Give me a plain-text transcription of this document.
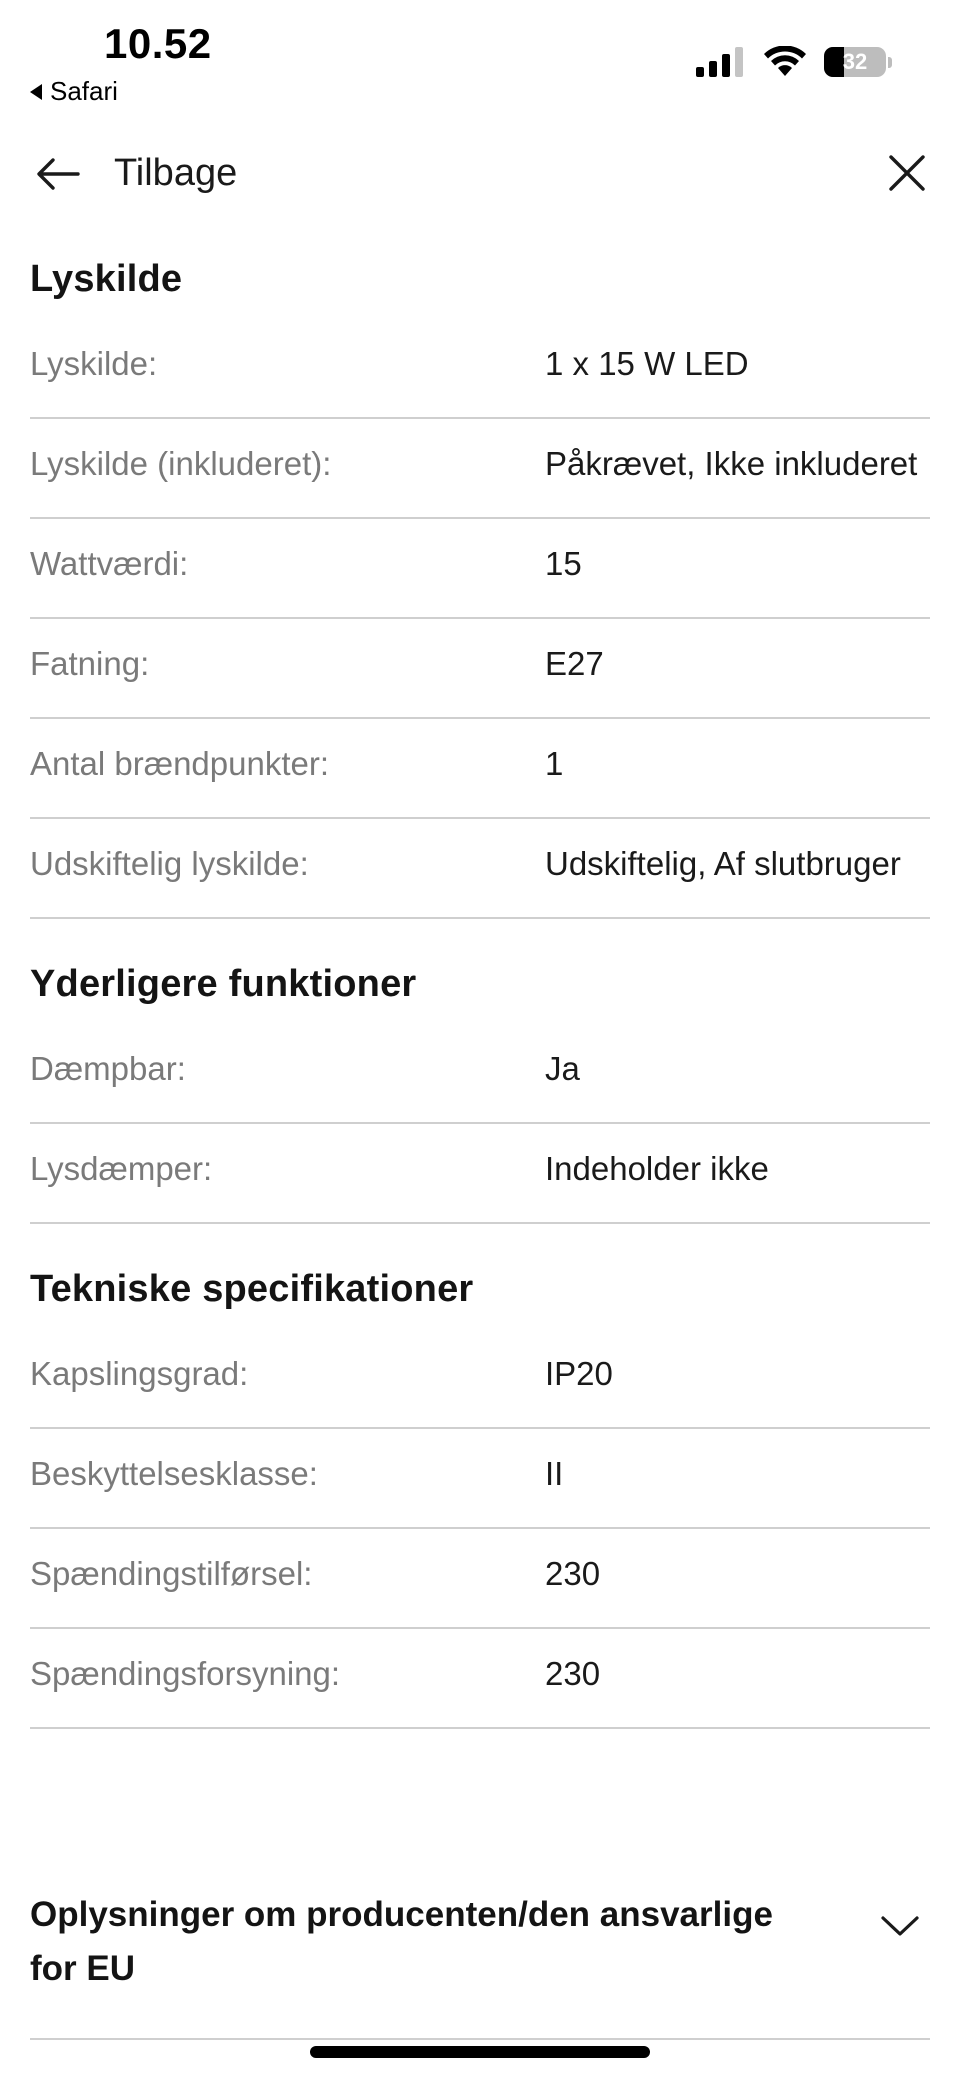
10.52
Safari
32
Tilbage
Lyskilde
Lyskilde:	1 x 15 W LED
Lyskilde (inkluderet):	Påkrævet, Ikke inkluderet
Wattværdi:	15
Fatning:	E27
Antal brændpunkter:	1
Udskiftelig lyskilde:	Udskiftelig, Af slutbruger
Yderligere funktioner
Dæmpbar:	Ja
Lysdæmper:	Indeholder ikke
Tekniske specifikationer
Kapslingsgrad:	IP20
Beskyttelsesklasse:	II
Spændingstilførsel:	230
Spændingsforsyning:	230
Oplysninger om producenten/den ansvarlige for EU
